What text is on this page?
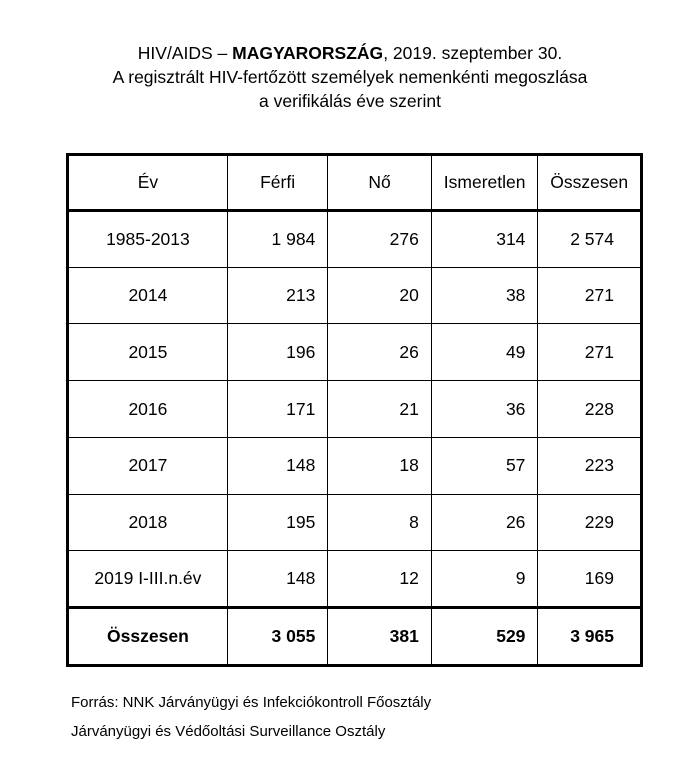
HIV/AIDS – MAGYARORSZÁG, 2019. szeptember 30.
A regisztrált HIV-fertőzött személyek nemenkénti megoszlása
a verifikálás éve szerint
Év	Férfi	Nő	Ismeretlen	Összesen
1985-2013	1 984	276	314	2 574
2014	213	20	38	271
2015	196	26	49	271
2016	171	21	36	228
2017	148	18	57	223
2018	195	8	26	229
2019 I-III.n.év	148	12	9	169
Összesen	3 055	381	529	3 965
Forrás: NNK Járványügyi és Infekciókontroll Főosztály
Járványügyi és Védőoltási Surveillance Osztály
